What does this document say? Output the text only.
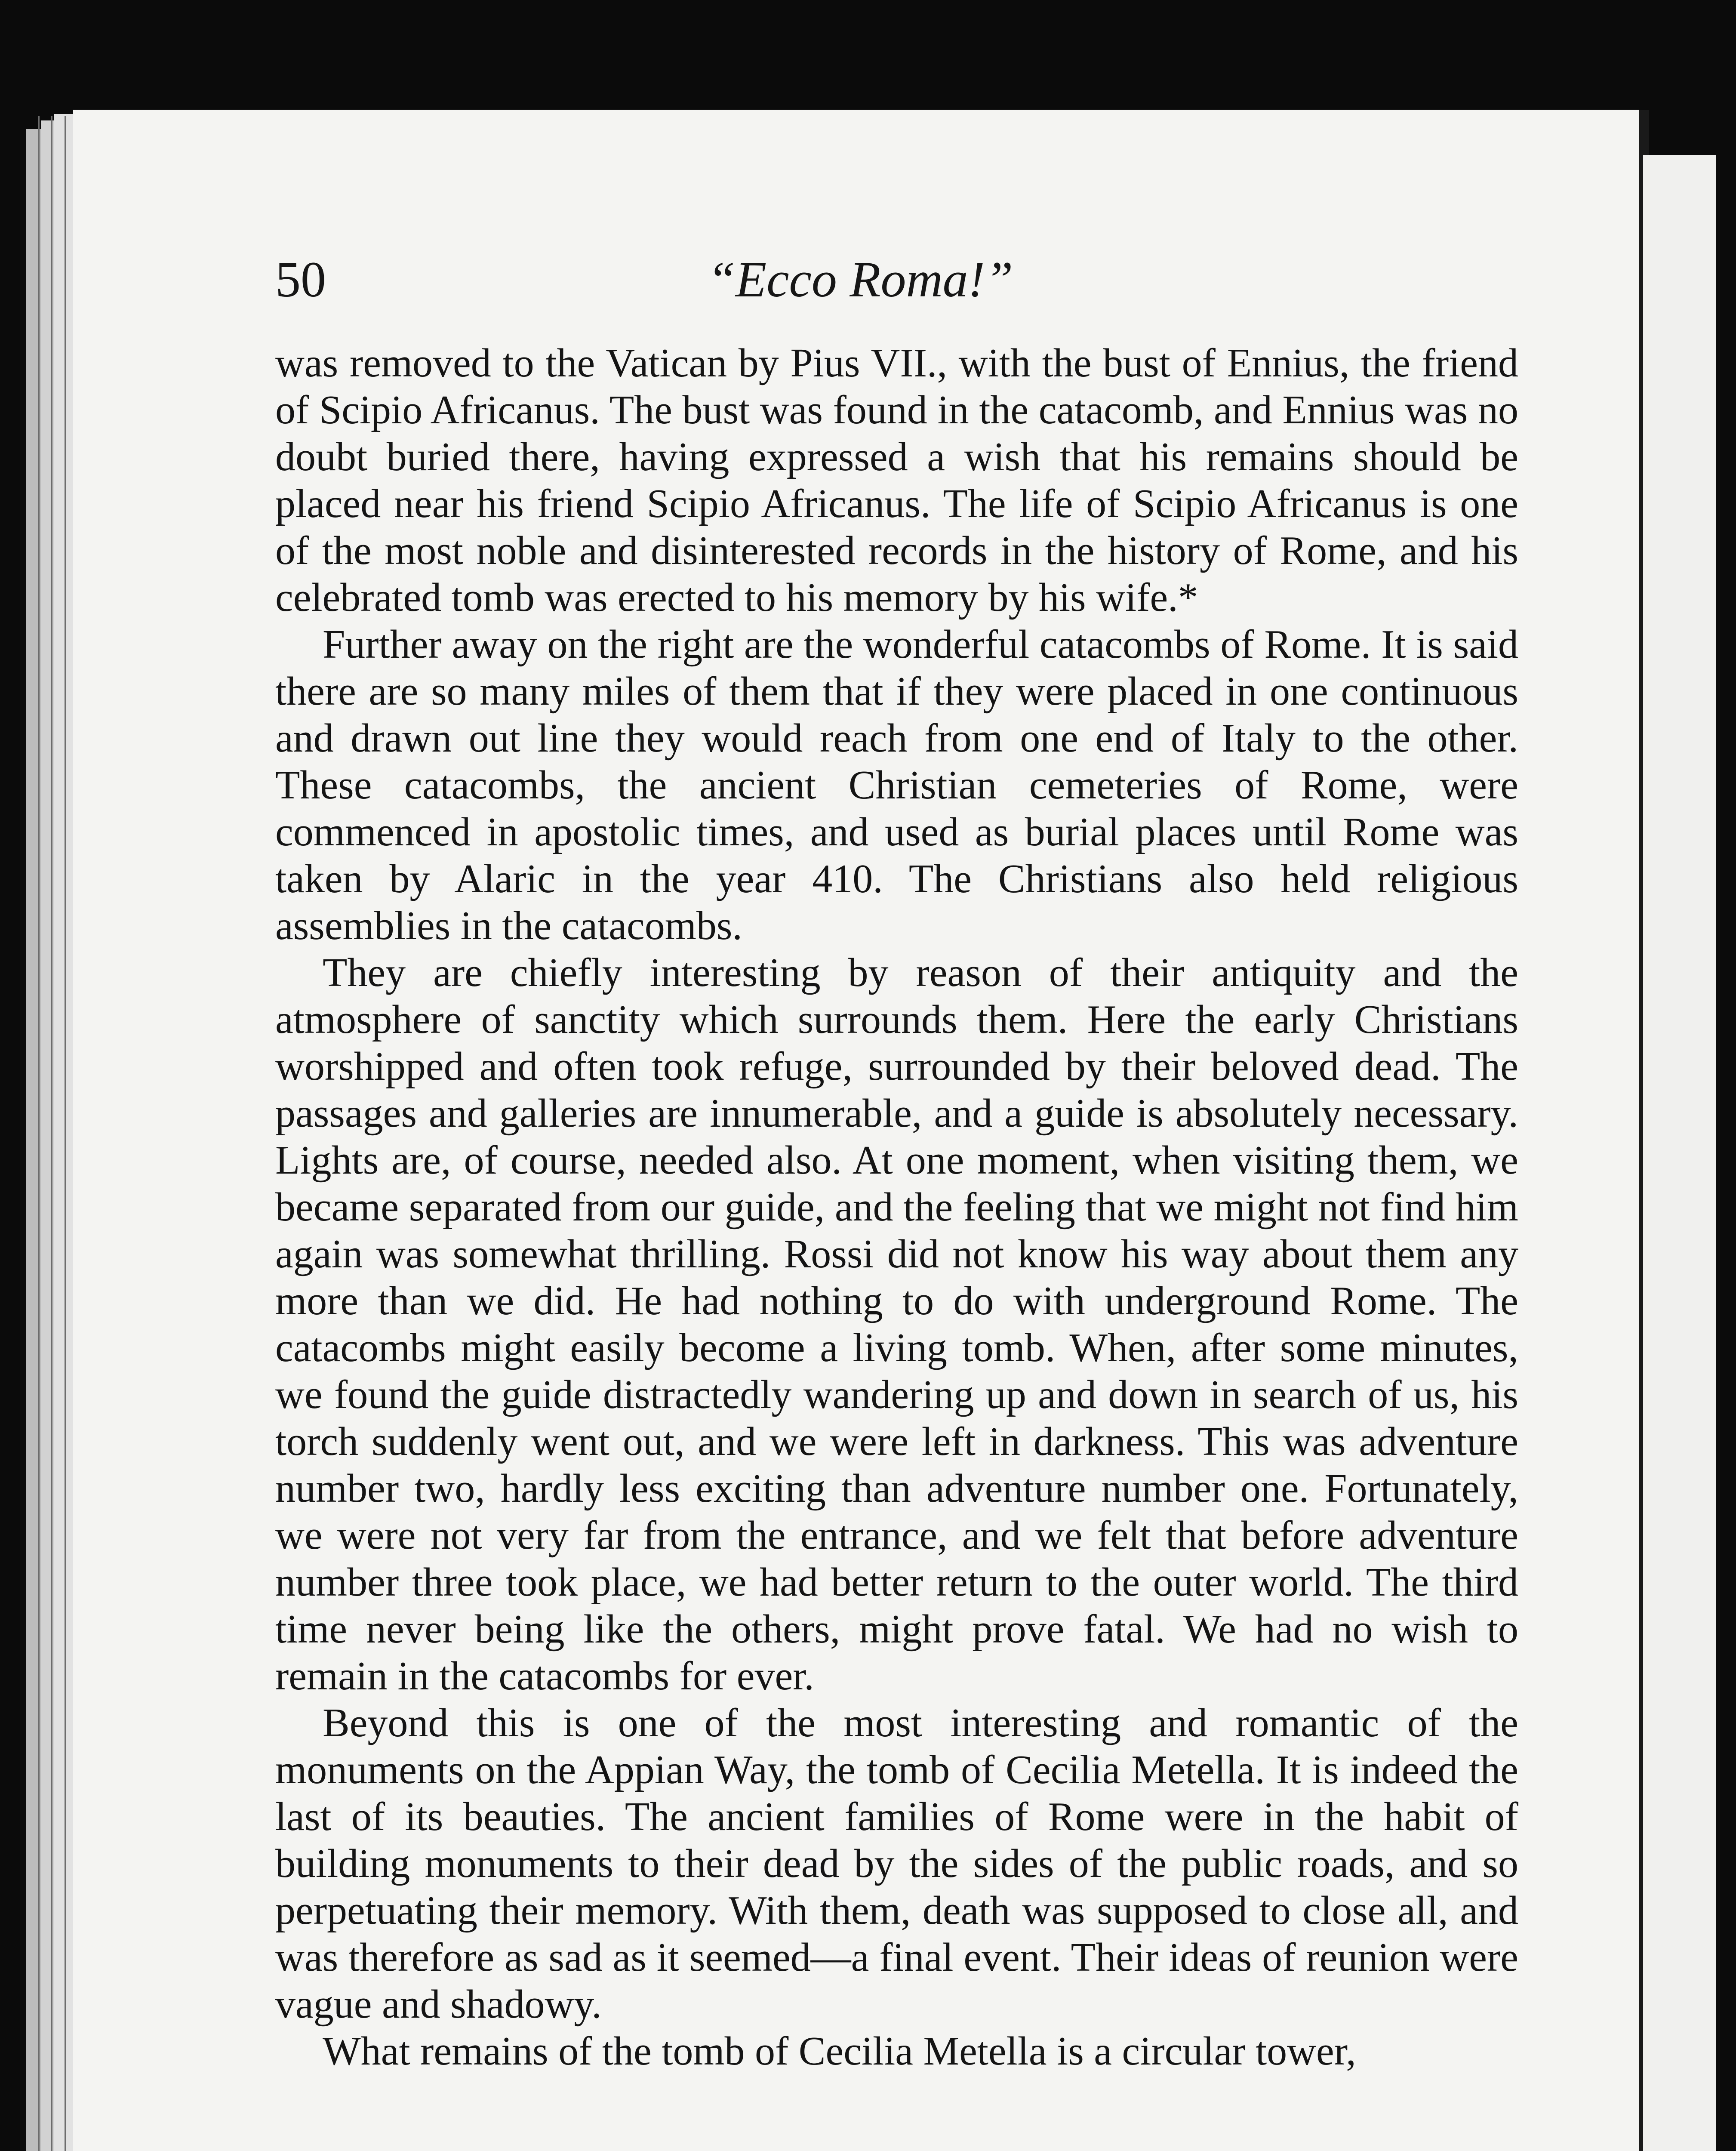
50	“Ecco Roma!”

was removed to the Vatican by Pius VII., with the bust of Ennius, the friend of Scipio Africanus. The bust was found in the catacomb, and Ennius was no doubt buried there, having expressed a wish that his remains should be placed near his friend Scipio Africanus. The life of Scipio Africanus is one of the most noble and disinterested records in the history of Rome, and his celebrated tomb was erected to his memory by his wife.*

Further away on the right are the wonderful catacombs of Rome. It is said there are so many miles of them that if they were placed in one continuous and drawn out line they would reach from one end of Italy to the other. These catacombs, the ancient Christian cemeteries of Rome, were commenced in apostolic times, and used as burial places until Rome was taken by Alaric in the year 410. The Christians also held religious assemblies in the catacombs.

They are chiefly interesting by reason of their antiquity and the atmosphere of sanctity which surrounds them. Here the early Christians worshipped and often took refuge, surrounded by their beloved dead. The passages and galleries are innumerable, and a guide is absolutely necessary. Lights are, of course, needed also. At one moment, when visiting them, we became separated from our guide, and the feeling that we might not find him again was somewhat thrilling. Rossi did not know his way about them any more than we did. He had nothing to do with underground Rome. The catacombs might easily become a living tomb. When, after some minutes, we found the guide distractedly wandering up and down in search of us, his torch suddenly went out, and we were left in darkness. This was adventure number two, hardly less exciting than adventure number one. Fortunately, we were not very far from the entrance, and we felt that before adventure number three took place, we had better return to the outer world. The third time never being like the others, might prove fatal. We had no wish to remain in the catacombs for ever.

Beyond this is one of the most interesting and romantic of the monuments on the Appian Way, the tomb of Cecilia Metella. It is indeed the last of its beauties. The ancient families of Rome were in the habit of building monuments to their dead by the sides of the public roads, and so perpetuating their memory. With them, death was supposed to close all, and was therefore as sad as it seemed—a final event. Their ideas of reunion were vague and shadowy.

What remains of the tomb of Cecilia Metella is a circular tower,
